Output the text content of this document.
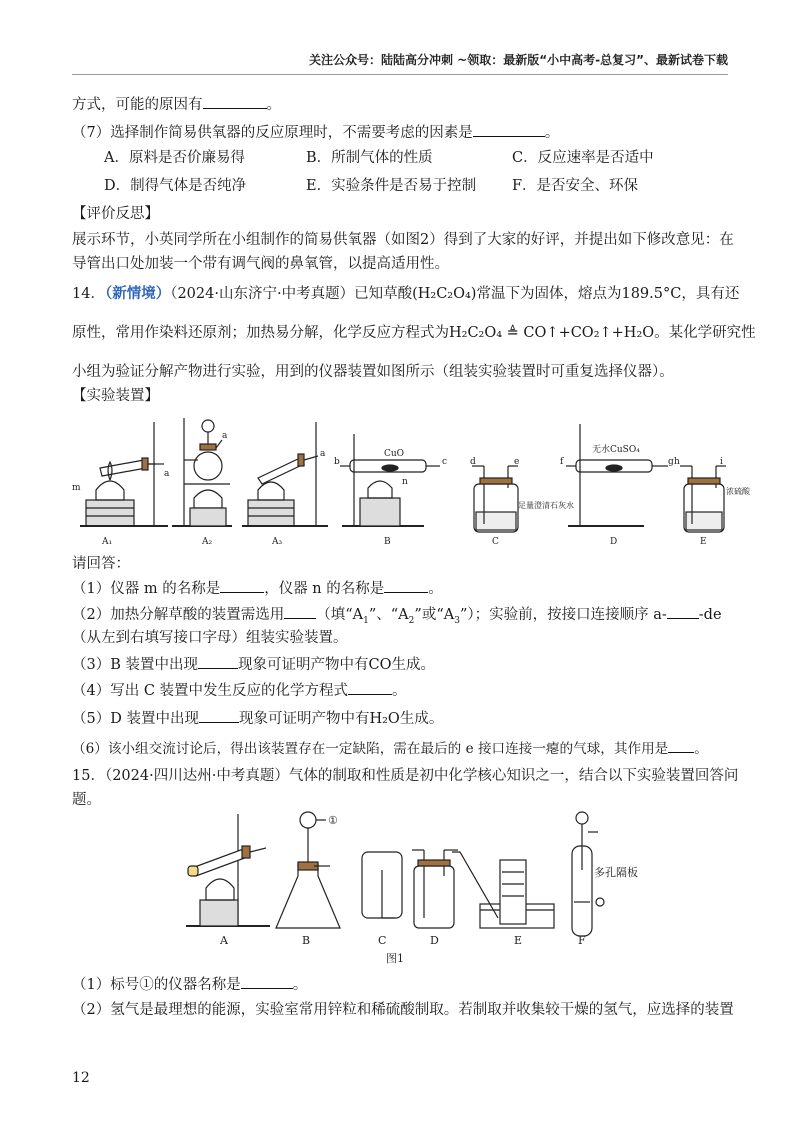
关注公众号：陆陆高分冲刺 ~领取：最新版“小中高考-总复习”、最新试卷下载
方式，可能的原因有	。
（7）选择制作简易供氧器的反应原理时，不需要考虑的因素是	。
A．原料是否价廉易得	B．所制气体的性质	C．反应速率是否适中
D．制得气体是否纯净	E．实验条件是否易于控制 F．是否安全、环保
【评价反思】
展示环节，小英同学所在小组制作的简易供氧器（如图2）得到了大家的好评，并提出如下修改意见：在
导管出口处加装一个带有调气阀的鼻氧管，以提高适用性。
14．（新情境）（2024·山东济宁·中考真题）已知草酸(H₂C₂O₄)常温下为固体，熔点为189.5°C，具有还
原性，常用作染料还原剂；加热易分解，化学反应方程式为H₂C₂O₄ ≜ CO↑+CO₂↑+H₂O。某化学研究性
小组为验证分解产物进行实验，用到的仪器装置如图所示（组装实验装置时可重复选择仪器）。
【实验装置】
m
a
a
a
b
CuO
c
n
d	e
足量澄清石灰水
f
无水CuSO₄
g h	i
浓硫酸
A₁	A₂	A₃	B	C	D	E
请回答：
（1）仪器 m 的名称是	，仪器 n 的名称是	。
（2）加热分解草酸的装置需选用 （填“$A_1$”、“$A_2$”或“$A_3$”）；实验前，按接口连接顺序 a- -de
（从左到右填写接口字母）组装实验装置。
（3）B 装置中出现	现象可证明产物中有CO生成。
（4）写出 C 装置中发生反应的化学方程式	。
（5）D 装置中出现	现象可证明产物中有H₂O生成。
（6）该小组交流讨论后，得出该装置存在一定缺陷，需在最后的 e 接口连接一瘪的气球，其作用是 。
15．（2024·四川达州·中考真题）气体的制取和性质是初中化学核心知识之一，结合以下实验装置回答问
题。
①
多孔隔板
A	B	C	D	E	F
图1
（1）标号①的仪器名称是	。
（2）氢气是最理想的能源，实验室常用锌粒和稀硫酸制取。若制取并收集较干燥的氢气，应选择的装置
12
